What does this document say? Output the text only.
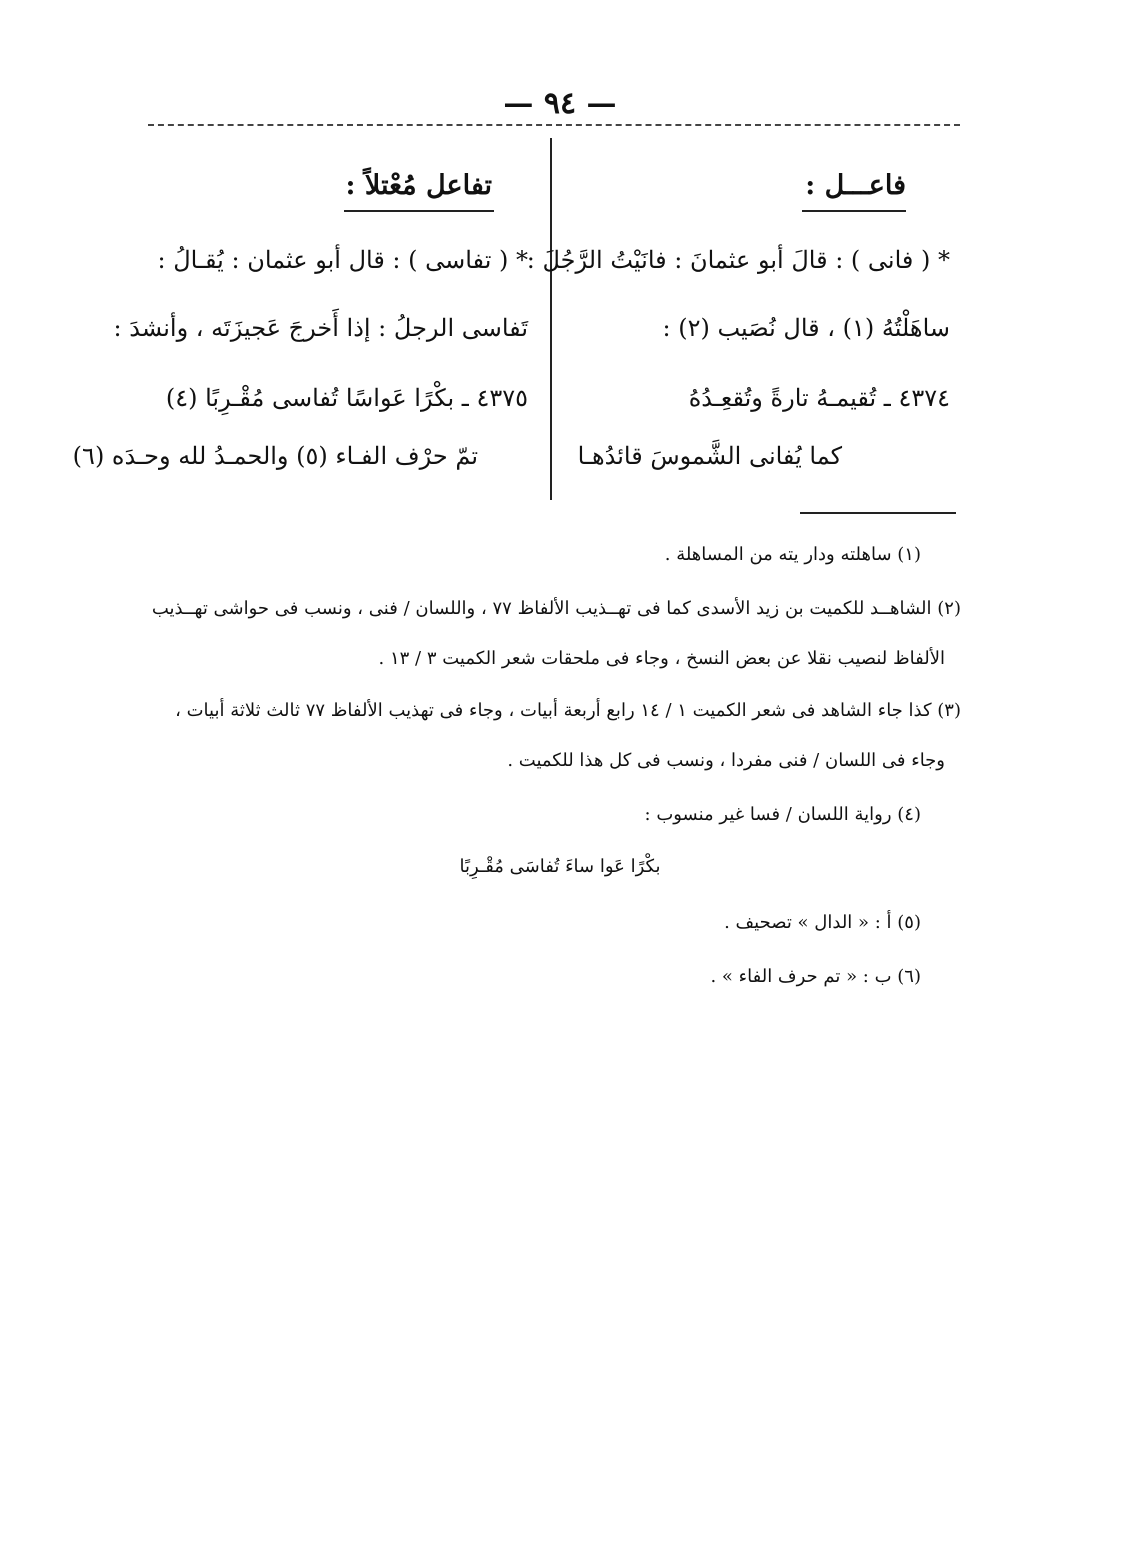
— ٩٤ —
فاعـــل :
* ( فانى ) : قالَ أبو عثمانَ : فانَيْتُ الرَّجُلَ :
ساهَلْتُهُ (١) ، قال نُصَيب (٢) :
٤٣٧٤ ـ تُقيمـهُ تارةً وتُقعِـدُهُ
كما يُفانى الشَّموسَ قائدُهـا
تفاعل مُعْتلاً :
* ( تفاسى ) : قال أبو عثمان : يُقـالُ :
تَفاسى الرجلُ : إذا أَخرجَ عَجيزَتَه ، وأنشدَ :
٤٣٧٥ ـ بكْرًا عَواسًا تُفاسى مُقْـرِبًا (٤)
تمّ حرْف الفـاء (٥) والحمـدُ لله وحـدَه (٦)
(١) ساهلته ودار يته من المساهلة .
(٢) الشاهــد للكميت بن زيد الأسدى كما فى تهــذيب الألفاظ ٧٧ ، واللسان / فنى ، ونسب فى حواشى تهــذيب
الألفاظ لنصيب نقلا عن بعض النسخ ، وجاء فى ملحقات شعر الكميت ٣ / ١٣ .
(٣) كذا جاء الشاهد فى شعر الكميت ١ / ١٤ رابع أربعة أبيات ، وجاء فى تهذيب الألفاظ ٧٧ ثالث ثلاثة أبيات ،
وجاء فى اللسان / فنى مفردا ، ونسب فى كل هذا للكميت .
(٤) رواية اللسان / فسا غير منسوب :
بكْرًا عَوا ساءَ تُفاسَى مُقْـرِبًا
(٥) أ : « الدال » تصحيف .
(٦) ب : « تم حرف الفاء » .
